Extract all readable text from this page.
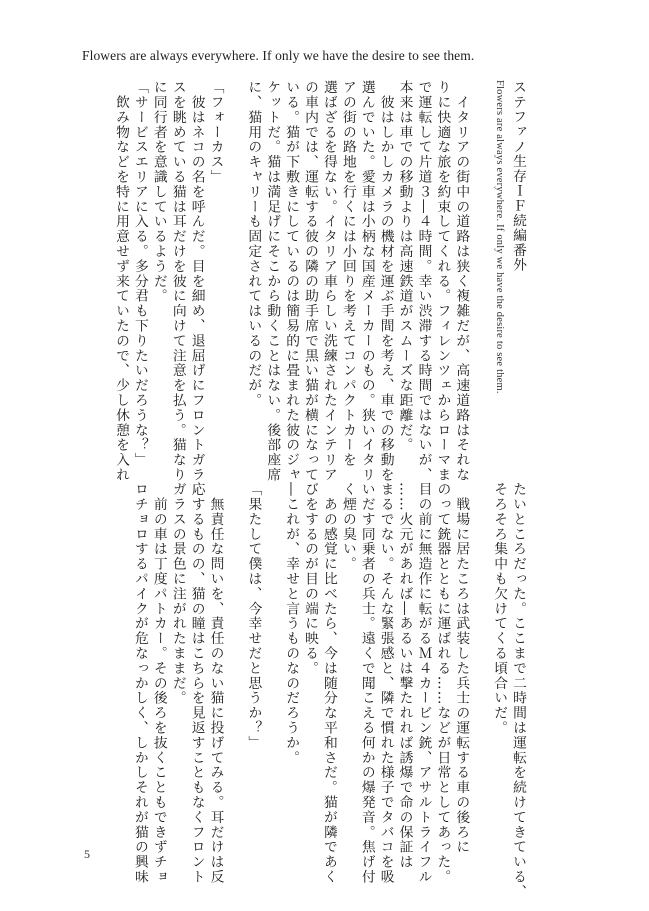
Flowers are always everywhere. If only we have the desire to see them.
ステファノ生存ＩＦ続編番外
Flowers are always everywhere. If only we have the desire to see them.
　イタリアの街中の道路は狭く複雑だが、高速道路はそれな
りに快適な旅を約束してくれる。フィレンツェからローマま
で運転して片道３―４時間。幸い渋滞する時間ではないが、
本来は車での移動よりは高速鉄道がスムーズな距離だ。
　彼はしかしカメラの機材を運ぶ手間を考え、車での移動を
選んでいた。愛車は小柄な国産メーカーのもの。狭いイタリ
アの街の路地を行くには小回りを考えてコンパクトカーを
選ばざるを得ない。イタリア車らしい洗練されたインテリア
の車内では、運転する彼の隣の助手席で黒い猫が横になって
いる。猫が下敷きにしているのは簡易的に畳まれた彼のジャ
ケットだ。猫は満足げにそこから動くことはない。後部座席
に、猫用のキャリーも固定されてはいるのだが。
「フォーカス」
　彼はネコの名を呼んだ。目を細め、退屈げにフロントガラ
スを眺めている猫は耳だけを彼に向けて注意を払う。猫なり
に同行者を意識しているようだ。
「サービスエリアに入る。多分君も下りたいだろうな？」
　飲み物などを特に用意せず来ていたので、少し休憩を入れ
たいところだった。ここまで二時間は運転を続けてきている、
そろそろ集中も欠けてくる頃合いだ。
　戦場に居たころは武装した兵士の運転する車の後ろに
のって銃器とともに運ばれる……などが日常としてあった。
目の前に無造作に転がるＭ４カービン銃、アサルトライフル
……火元があれば―あるいは撃たれれば誘爆で命の保証は
まるでない。そんな緊張感と、隣で慣れた様子でタバコを吸
いだす同乗者の兵士。遠くで聞こえる何かの爆発音。焦げ付
く煙の臭い。
　あの感覚に比べたら、今は随分な平和さだ。猫が隣であく
びをするのが目の端に映る。
―これが、幸せと言うものなのだろうか。
「果たして僕は、今幸せだと思うか？」
　無責任な問いを、責任のない猫に投げてみる。耳だけは反
応するものの、猫の瞳はこちらを見返すこともなくフロント
ガラスの景色に注がれたままだ。
　前の車は丁度パトカー。その後ろを抜くこともできずチョ
ロチョロするパイクが危なっかしく、しかしそれが猫の興味
5
